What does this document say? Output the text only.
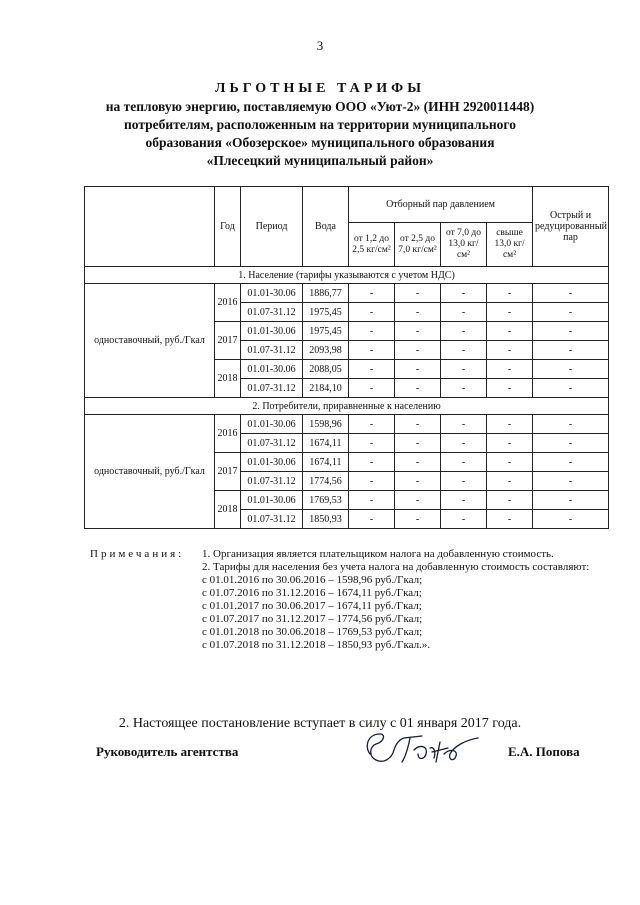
3
ЛЬГОТНЫЕ ТАРИФЫ
на тепловую энергию, поставляемую ООО «Уют-2» (ИНН 2920011448)
потребителям, расположенным на территории муниципального
образования «Обозерское» муниципального образования
«Плесецкий муниципальный район»
	Год	Период	Вода	Отборный пар давлением				Острый и редуцированный пар
				от 1,2 до 2,5 кг/см²	от 2,5 до 7,0 кг/см²	от 7,0 до 13,0 кг/см²	свыше 13,0 кг/см²	
1. Население (тарифы указываются с учетом НДС)								
одноставочный, руб./Гкал	2016	01.01-30.06	1886,77	-	-	-	-	-
		01.07-31.12	1975,45	-	-	-	-	-
	2017	01.01-30.06	1975,45	-	-	-	-	-
		01.07-31.12	2093,98	-	-	-	-	-
	2018	01.01-30.06	2088,05	-	-	-	-	-
		01.07-31.12	2184,10	-	-	-	-	-
2. Потребители, приравненные к населению								
одноставочный, руб./Гкал	2016	01.01-30.06	1598,96	-	-	-	-	-
		01.07-31.12	1674,11	-	-	-	-	-
	2017	01.01-30.06	1674,11	-	-	-	-	-
		01.07-31.12	1774,56	-	-	-	-	-
	2018	01.01-30.06	1769,53	-	-	-	-	-
		01.07-31.12	1850,93	-	-	-	-	-
Примечания: 1. Организация является плательщиком налога на добавленную стоимость.
2. Тарифы для населения без учета налога на добавленную стоимость составляют:
с 01.01.2016 по 30.06.2016 – 1598,96 руб./Гкал;
с 01.07.2016 по 31.12.2016 – 1674,11 руб./Гкал;
с 01.01.2017 по 30.06.2017 – 1674,11 руб./Гкал;
с 01.07.2017 по 31.12.2017 – 1774,56 руб./Гкал;
с 01.01.2018 по 30.06.2018 – 1769,53 руб./Гкал;
с 01.07.2018 по 31.12.2018 – 1850,93 руб./Гкал.».
2. Настоящее постановление вступает в силу с 01 января 2017 года.
Руководитель агентства	Е.А. Попова
